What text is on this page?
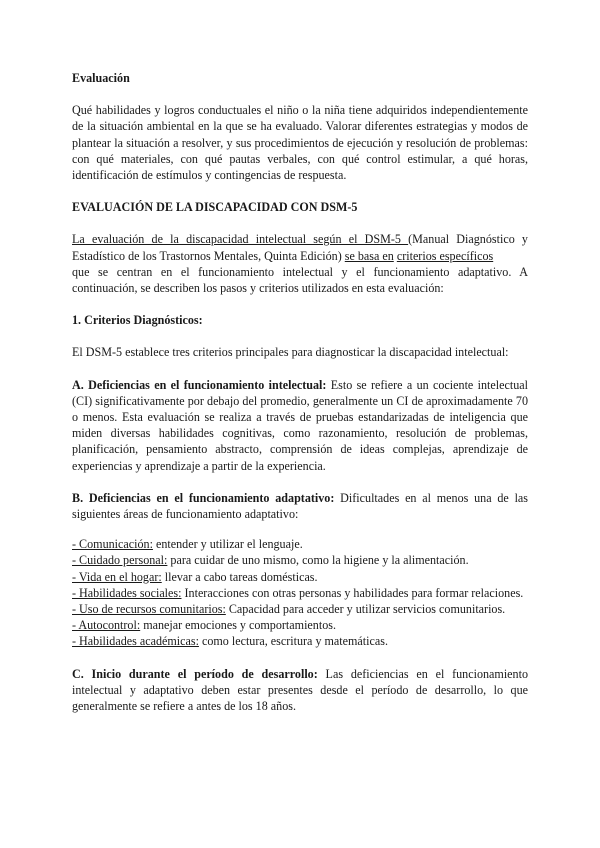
Evaluación

Qué habilidades y logros conductuales el niño o la niña tiene adquiridos independientemente de la situación ambiental en la que se ha evaluado. Valorar diferentes estrategias y modos de plantear la situación a resolver, y sus procedimientos de ejecución y resolución de problemas: con qué materiales, con qué pautas verbales, con qué control estimular, a qué horas, identificación de estímulos y contingencias de respuesta.

EVALUACIÓN DE LA DISCAPACIDAD CON DSM-5

La evaluación de la discapacidad intelectual según el DSM-5 (Manual Diagnóstico y Estadístico de los Trastornos Mentales, Quinta Edición) se basa en criterios específicos
que se centran en el funcionamiento intelectual y el funcionamiento adaptativo. A continuación, se describen los pasos y criterios utilizados en esta evaluación:

1. Criterios Diagnósticos:

El DSM-5 establece tres criterios principales para diagnosticar la discapacidad intelectual:

A. Deficiencias en el funcionamiento intelectual: Esto se refiere a un cociente intelectual (CI) significativamente por debajo del promedio, generalmente un CI de aproximadamente 70 o menos. Esta evaluación se realiza a través de pruebas estandarizadas de inteligencia que miden diversas habilidades cognitivas, como razonamiento, resolución de problemas, planificación, pensamiento abstracto, comprensión de ideas complejas, aprendizaje de experiencias y aprendizaje a partir de la experiencia.

B. Deficiencias en el funcionamiento adaptativo: Dificultades en al menos una de las siguientes áreas de funcionamiento adaptativo:

- Comunicación: entender y utilizar el lenguaje.
- Cuidado personal: para cuidar de uno mismo, como la higiene y la alimentación.
- Vida en el hogar: llevar a cabo tareas domésticas.
- Habilidades sociales: Interacciones con otras personas y habilidades para formar relaciones.
- Uso de recursos comunitarios: Capacidad para acceder y utilizar servicios comunitarios.
- Autocontrol: manejar emociones y comportamientos.
- Habilidades académicas: como lectura, escritura y matemáticas.

C. Inicio durante el período de desarrollo: Las deficiencias en el funcionamiento intelectual y adaptativo deben estar presentes desde el período de desarrollo, lo que generalmente se refiere a antes de los 18 años.
